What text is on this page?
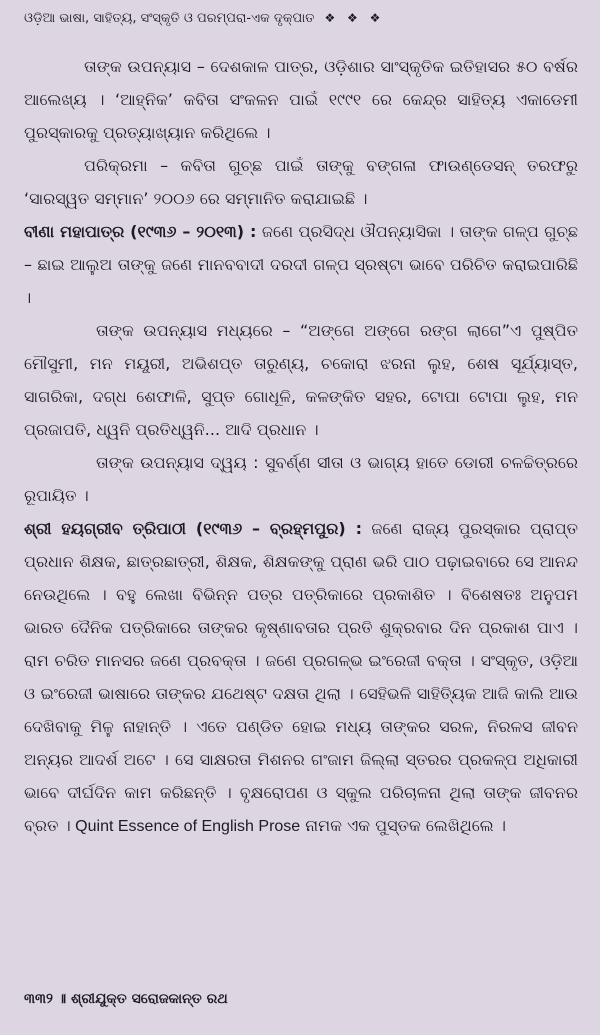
ଓଡ଼ିଆ ଭାଷା, ସାହିତ୍ୟ, ସଂସ୍କୃତି ଓ ପରମ୍ପରା-ଏକ ଦୃକ୍‌ପାତ ❖ ❖ ❖

ତାଙ୍କ ଉପନ୍ୟାସ – ଦେଶକାଳ ପାତ୍ର, ଓଡ଼ିଶାର ସାଂସ୍କୃତିକ ଇତିହାସର ୫୦ ବର୍ଷର ଆଲେଖ୍ୟ । ‘ଆହ୍ନିକ’ କବିତା ସଂକଳନ ପାଇଁ ୧୯୯୧ ରେ କେନ୍ଦ୍ର ସାହିତ୍ୟ ଏକାଡେମୀ ପୁରସ୍କାରକୁ ପ୍ରତ୍ୟାଖ୍ୟାନ କରିଥିଲେ ।

ପରିକ୍ରମା – କବିତା ଗୁଚ୍ଛ ପାଇଁ ତାଙ୍କୁ ବଙ୍ଗଳା ଫାଉଣ୍ଡେସନ୍ ତରଫରୁ ‘ସାରସ୍ୱତ ସମ୍ମାନ’ ୨୦୦୬ ରେ ସମ୍ମାନିତ କରାଯାଇଛି ।

ବୀଣା ମହାପାତ୍ର (୧୯୩୬ – ୨୦୧୩) : ଜଣେ ପ୍ରସିଦ୍ଧ ଔପନ୍ୟାସିକା । ତାଙ୍କ ଗଳ୍ପ ଗୁଚ୍ଛ – ଛାଇ ଆଲୁଅ ତାଙ୍କୁ ଜଣେ ମାନବବାଦୀ ଦରଦୀ ଗଳ୍ପ ସ୍ରଷ୍ଟା ଭାବେ ପରିଚିତ କରାଇପାରିଛି ।

ତାଙ୍କ ଉପନ୍ୟାସ ମଧ୍ୟରେ – “ଅଙ୍ଗେ ଅଙ୍ଗେ ରଙ୍ଗ ଲାଗେ”ଏ ପୁଷ୍ପିତ ମୌସୁମୀ, ମନ ମୟୂରୀ, ଅଭିଶପ୍ତ ତାରୁଣ୍ୟ, ଚକୋରା ଝରନା ଲୁହ, ଶେଷ ସୂର୍ଯ୍ୟାସ୍ତ, ସାଗରିକା, ଦଗ୍ଧ ଶେଫାଳି, ସୁପ୍ତ ଗୋଧୂଳି, କଳଙ୍କିତ ସହର, ଟୋପା ଟୋପା ଲୁହ, ମନ ପ୍ରଜାପତି, ଧ୍ୱନି ପ୍ରତିଧ୍ୱନି... ଆଦି ପ୍ରଧାନ ।

ତାଙ୍କ ଉପନ୍ୟାସ ଦ୍ୱୟ : ସୁବର୍ଣ୍ଣ ସୀତା ଓ ଭାଗ୍ୟ ହାତେ ଡୋରୀ ଚଳଚ୍ଚିତ୍ରରେ ରୂପାୟିତ ।

ଶ୍ରୀ ହୟଗ୍ରୀବ ତ୍ରିପାଠୀ (୧୯୩୬ – ବ୍ରହ୍ମପୁର) : ଜଣେ ରାଜ୍ୟ ପୁରସ୍କାର ପ୍ରାପ୍ତ ପ୍ରଧାନ ଶିକ୍ଷକ, ଛାତ୍ରଛାତ୍ରୀ, ଶିକ୍ଷକ, ଶିକ୍ଷକଙ୍କୁ ପ୍ରାଣ ଭରି ପାଠ ପଢ଼ାଇବାରେ ସେ ଆନନ୍ଦ ନେଉଥିଲେ । ବହୁ ଲେଖା ବିଭିନ୍ନ ପତ୍ର ପତ୍ରିକାରେ ପ୍ରକାଶିତ । ବିଶେଷତଃ ଅନୁପମ ଭାରତ ଦୈନିକ ପତ୍ରିକାରେ ତାଙ୍କର କୃଷ୍ଣାବତାର ପ୍ରତି ଶୁକ୍ରବାର ଦିନ ପ୍ରକାଶ ପାଏ । ରାମ ଚରିତ ମାନସର ଜଣେ ପ୍ରବକ୍ତା । ଜଣେ ପ୍ରଗଳ୍ଭ ଇଂରେଜୀ ବକ୍ତା । ସଂସ୍କୃତ, ଓଡ଼ିଆ ଓ ଇଂରେଜୀ ଭାଷାରେ ତାଙ୍କର ଯଥେଷ୍ଟ ଦକ୍ଷତା ଥିଲା । ସେହିଭଳି ସାହିତ୍ୟିକ ଆଜି କାଲି ଆଉ ଦେଖିବାକୁ ମିଳୁ ନାହାନ୍ତି । ଏତେ ପଣ୍ଡିତ ହୋଇ ମଧ୍ୟ ତାଙ୍କର ସରଳ, ନିରଳସ ଜୀବନ ଅନ୍ୟର ଆଦର୍ଶ ଅଟେ । ସେ ସାକ୍ଷରତା ମିଶନର ଗଂଜାମ ଜିଲ୍ଲା ସ୍ତରର ପ୍ରକଳ୍ପ ଅଧିକାରୀ ଭାବେ ଦୀର୍ଘଦିନ କାମ କରିଛନ୍ତି । ବୃକ୍ଷରୋପଣ ଓ ସ୍କୁଲ ପରିଚାଳନା ଥିଲା ତାଙ୍କ ଜୀବନର ବ୍ରତ । Quint Essence of English Prose ନାମକ ଏକ ପୁସ୍ତକ ଲେଖିଥିଲେ ।

୩୩୨ ॥ ଶ୍ରୀଯୁକ୍ତ ସରୋଜକାନ୍ତ ରଥ
